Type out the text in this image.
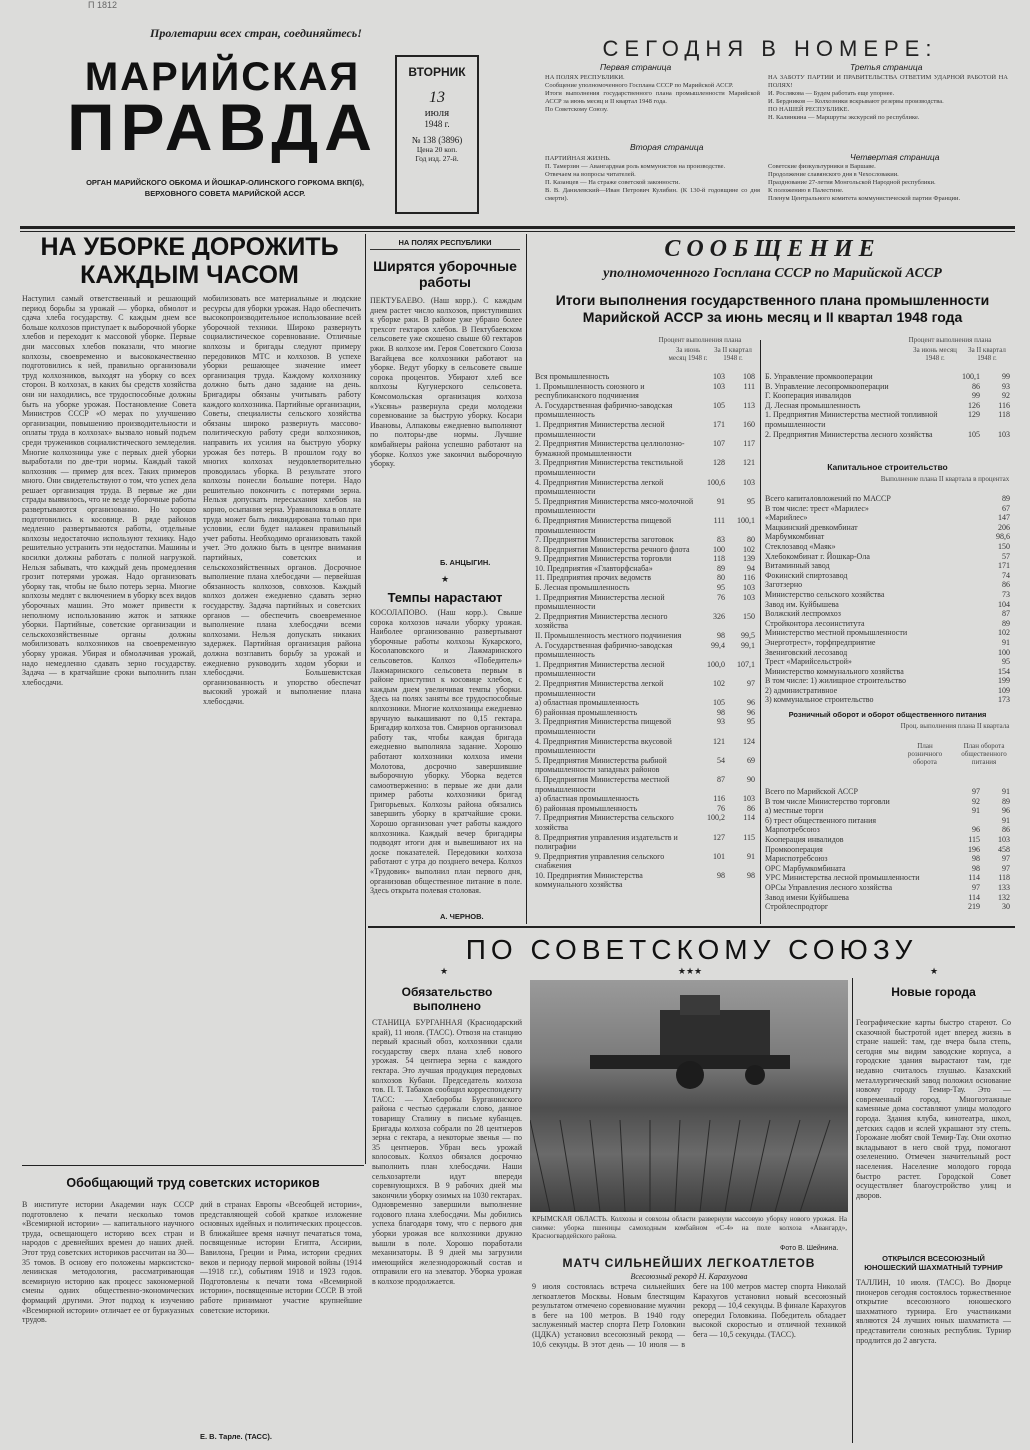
П 1812
Пролетарии всех стран, соединяйтесь!
МАРИЙСКАЯ
ПРАВДА
ОРГАН МАРИЙСКОГО ОБКОМА И ЙОШКАР-ОЛИНСКОГО ГОРКОМА ВКП(б), ВЕРХОВНОГО СОВЕТА МАРИЙСКОЙ АССР.
ВТОРНИК
13
июля
1948 г.
№ 138 (3896)
Цена 20 коп.
Год изд. 27-й.
СЕГОДНЯ В НОМЕРЕ:
Первая страница	Третья страница
НА ПОЛЯХ РЕСПУБЛИКИ.
Сообщение уполномоченного Госплана СССР по Марийской АССР.
Итоги выполнения государственного плана промышленности Марийской АССР за июнь месяц и II квартал 1948 года.
По Советскому Союзу.
Вторая страница
ПАРТИЙНАЯ ЖИЗНЬ.
П. Тамерзин — Авангардная роль коммунистов на производстве.
Отвечаем на вопросы читателей.
П. Казанцев — На страже советской законности.
В. В. Данилевский—Иван Петрович Кулибин. (К 130-й годовщине со дня смерти).
НА ЗАБОТУ ПАРТИИ И ПРАВИТЕЛЬСТВА ОТВЕТИМ УДАРНОЙ РАБОТОЙ НА ПОЛЯХ!
И. Рослякова — Будем работать еще упорнее.
И. Бердников — Колхозники вскрывают резервы производства.
ПО НАШЕЙ РЕСПУБЛИКЕ.
Н. Калинкина — Маршруты экскурсий по республике.
Четвертая страница
Советские физкультурники в Варшаве.
Продолжение славянского дня в Чехословакии.
Празднование 27-летия Монгольской Народной республики.
К положению в Палестине.
Пленум Центрального комитета коммунистической партии Франции.
НА УБОРКЕ ДОРОЖИТЬ КАЖДЫМ ЧАСОМ
Наступил самый ответственный и решающий период борьбы за урожай — уборка, обмолот и сдача хлеба государству. С каждым днем все больше колхозов приступает к выборочной уборке хлебов и переходит к массовой уборке. Первые дни массовых хлебов показали, что многие колхозы, своевременно и высококачественно подготовились к ней, правильно организовали труд колхозников, выходят на уборку со всех сторон. В колхозах, в каких бы средств хозяйства они ни находились, все трудоспособные должны быть на уборке урожая. Постановление Совета Министров СССР «О мерах по улучшению организации, повышению производительности и оплаты труда в колхозах» вызвало новый подъем среди тружеников социалистического земледелия. Многие колхозницы уже с первых дней уборки выработали по две-три нормы. Каждый такой колхозник — пример для всех. Таких примеров много. Они свидетельствуют о том, что успех дела решает организация труда. В первые же дни страды выявилось, что не везде уборочные работы развертываются организованно. Но хорошо подготовились к косовице. В ряде районов медленно развертываются работы, отдельные колхозы недостаточно используют технику. Надо решительно устранить эти недостатки. Машины и косилки должны работать с полной нагрузкой. Нельзя забывать, что каждый день промедления грозит потерями урожая. Надо организовать уборку так, чтобы не было потерь зерна. Многие колхозы медлят с включением в уборку всех видов уборочных машин. Это может привести к неполному использованию жаток и затяжке уборки. Партийные, советские организации и сельскохозяйственные органы должны мобилизовать колхозников на своевременную уборку урожая. Убирая и обмолачивая урожай, надо немедленно сдавать зерно государству. Задача — в кратчайшие сроки выполнить план хлебосдачи.
мобилизовать все материальные и людские ресурсы для уборки урожая. Надо обеспечить высокопроизводительное использование всей уборочной техники. Широко развернуть социалистическое соревнование. Отличные колхозы и бригады следуют примеру передовиков МТС и колхозов. В успехе уборки решающее значение имеет организация труда. Каждому колхознику должно быть дано задание на день. Бригадиры обязаны учитывать работу каждого колхозника. Партийные организации, Советы, специалисты сельского хозяйства обязаны широко развернуть массово-политическую работу среди колхозников, направить их усилия на быструю уборку урожая без потерь. В прошлом году во многих колхозах неудовлетворительно проводилась уборка. В результате этого колхозы понесли большие потери. Надо решительно покончить с потерями зерна. Нельзя допускать пересыхания хлебов на корню, осыпания зерна. Уравниловка в оплате труда может быть ликвидирована только при условии, если будет налажен правильный учет работы. Необходимо организовать такой учет. Это должно быть в центре внимания партийных, советских и сельскохозяйственных органов. Досрочное выполнение плана хлебосдачи — первейшая обязанность колхозов, совхозов. Каждый колхоз должен ежедневно сдавать зерно государству. Задача партийных и советских органов — обеспечить своевременное выполнение плана хлебосдачи всеми колхозами. Нельзя допускать никаких задержек. Партийная организация района должна возглавить борьбу за урожай и ежедневно руководить ходом уборки и хлебосдачи. Большевистская организованность и упорство обеспечат высокий урожай и выполнение плана хлебосдачи.
НА ПОЛЯХ РЕСПУБЛИКИ
Ширятся уборочные работы
ПЕКТУБАЕВО. (Наш корр.). С каждым днем растет число колхозов, приступивших к уборке ржи. В районе уже убрано более трехсот гектаров хлебов. В Пектубаевском сельсовете уже скошено свыше 60 гектаров ржи. В колхозе им. Героя Советского Союза Вагайцева все колхозники работают на уборке. Ведут уборку в сельсовете свыше сорока процентов. Убирают хлеб все колхозы Кугунерского сельсовета. Комсомольская организация колхоза «Уксянь» развернула среди молодежи соревнование за быструю уборку. Косари Ивановы, Алпаковы ежедневно выполняют по полторы-две нормы. Лучшие комбайнеры района успешно работают на уборке. Колхоз уже закончил выборочную уборку.
Б. АНЦЫГИН.
★
Темпы нарастают
КОСОЛАПОВО. (Наш корр.). Свыше сорока колхозов начали уборку урожая. Наиболее организованно развертывают уборочные работы колхозы Кукарского, Косолаповского и Лажмаринского сельсоветов. Колхоз «Победитель» Лажмаринского сельсовета первым в районе приступил к косовице хлебов, с каждым днем увеличивая темпы уборки. Здесь на полях заняты все трудоспособные колхозники. Многие колхозницы ежедневно вручную выкашивают по 0,15 гектара. Бригадир колхоза тов. Смирнов организовал работу так, чтобы каждая бригада ежедневно выполняла задание. Хорошо работают колхозники колхоза имени Молотова, досрочно завершившие выборочную уборку. Уборка ведется самоотверженно: в первые же дни дали пример работы колхозники бригад Григорьевых. Колхозы района обязались завершить уборку в кратчайшие сроки. Хорошо организован учет работы каждого колхозника. Каждый вечер бригадиры подводят итоги дня и вывешивают их на доске показателей. Передовики колхоза работают с утра до позднего вечера. Колхоз «Трудовик» выполнил план первого дня, организовав общественное питание в поле. Здесь открыта полевая столовая.
А. ЧЕРНОВ.
СООБЩЕНИЕ
уполномоченного Госплана СССР по Марийской АССР
Итоги выполнения государственного плана промышленности Марийской АССР за июнь месяц и II квартал 1948 года
Процент выполнения плана
За июнь месяц 1948 г.
За II квартал 1948 г.
Вся промышленность	103	108
1. Промышленность союзного и республиканского подчинения	103	111
А. Государственная фабрично-заводская промышленность	105	113
1. Предприятия Министерства лесной промышленности	171	160
2. Предприятия Министерства целлюлозно-бумажной промышленности	107	117
3. Предприятия Министерства текстильной промышленности	128	121
4. Предприятия Министерства легкой промышленности	100,6	103
5. Предприятия Министерства мясо-молочной промышленности	91	95
6. Предприятия Министерства пищевой промышленности	111	100,1
7. Предприятия Министерства заготовок	83	80
8. Предприятия Министерства речного флота	100	102
9. Предприятия Министерства торговли	118	139
10. Предприятия «Главторфснаба»	89	94
11. Предприятия прочих ведомств	80	116
Б. Лесная промышленность	95	103
1. Предприятия Министерства лесной промышленности	76	103
2. Предприятия Министерства лесного хозяйства	326	150
II. Промышленность местного подчинения	98	99,5
А. Государственная фабрично-заводская промышленность	99,4	99,1
1. Предприятия Министерства лесной промышленности	100,0	107,1
2. Предприятия Министерства легкой промышленности	102	97
а) областная промышленность	105	96
б) районная промышленность	98	96
3. Предприятия Министерства пищевой промышленности	93	95
4. Предприятия Министерства вкусовой промышленности	121	124
5. Предприятия Министерства рыбной промышленности западных районов	54	69
6. Предприятия Министерства местной промышленности	87	90
а) областная промышленность	116	103
б) районная промышленность	76	86
7. Предприятия Министерства сельского хозяйства	100,2	114
8. Предприятия управления издательств и полиграфии	127	115
9. Предприятия управления сельского снабжения	101	91
10. Предприятия Министерства коммунального хозяйства	98	98
Процент выполнения плана
За июнь месяц 1948 г.
За II квартал 1948 г.
Б. Управление промкооперации	100,1	99
В. Управление лесопромкооперации	86	93
Г. Кооперация инвалидов	99	92
Д. Лесная промышленность	126	116
1. Предприятия Министерства местной топливной промышленности	129	118
2. Предприятия Министерства лесного хозяйства	105	103
Капитальное строительство
Выполнение плана II квартала в процентах
Всего капиталовложений по МАССР	89
В том числе: трест «Марилес»	67
«Марийлес»	147
Мацкинский древкомбинат	206
Марбумкомбинат	98,6
Стеклозавод «Маяк»	150
Хлебокомбинат г. Йошкар-Ола	57
Витаминный завод	171
Фокинский спиртозавод	74
Заготзерно	86
Министерство сельского хозяйства	73
Завод им. Куйбышева	104
Волжский леспромхоз	87
Стройконтора лесоинститута	89
Министерство местной промышленности	102
Энерготрест», торфпредприятие	91
Звениговский лесозавод	100
Трест «Марийсельстрой»	95
Министерство коммунального хозяйства	154
В том числе: 1) жилищное строительство	199
2) административное	109
3) коммунальное строительство	173
Розничный оборот и оборот общественного питания
Проц. выполнения плана II квартала
План розничного оборота
План оборота общественного питания
Всего по Марийской АССР	97	91
В том числе Министерство торговли	92	89
а) местные торги	91	96
б) трест общественного питания		91
Марпотребсоюз	96	86
Кооперация инвалидов	115	103
Промкооперация	196	458
Мариспотребсоюз	98	97
ОРС Марбумкомбината	98	97
УРС Министерства лесной промышленности	114	118
ОРСы Управления лесного хозяйства	97	133
Завод имени Куйбышева	114	132
Стройлеспродторг	219	30
ПО СОВЕТСКОМУ СОЮЗУ
★★★
★	★
Обязательство выполнено
СТАНИЦА БУРГАННАЯ (Краснодарский край), 11 июля. (ТАСС). Отвозя на станцию первый красный обоз, колхозники сдали государству сверх плана хлеб нового урожая. 54 центнера зерна с каждого гектара. Это лучшая продукция передовых колхозов Кубани. Председатель колхоза тов. П. Т. Табаков сообщил корреспонденту ТАСС: — Хлеборобы Бурганинского района с честью сдержали слово, данное товарищу Сталину в письме кубанцев. Бригады колхоза собрали по 28 центнеров зерна с гектара, а некоторые звенья — по 35 центнеров. Убран весь урожай колосовых. Колхоз обязался досрочно выполнить план хлебосдачи. Наши сельхозартели идут впереди соревнующихся. В 9 рабочих дней мы закончили уборку озимых на 1030 гектарах. Одновременно завершили выполнение годового плана хлебосдачи. Мы добились успеха благодаря тому, что с первого дня уборки урожая все колхозники дружно вышли в поле. Хорошо поработали механизаторы. В 9 дней мы загрузили имеющийся железнодорожный состав и отправили его на элеватор. Уборка урожая в колхозе продолжается.
КРЫМСКАЯ ОБЛАСТЬ. Колхозы и совхозы области развернули массовую уборку нового урожая. На снимке: уборка пшеницы самоходным комбайном «С-4» на поле колхоза «Авангард», Красногвардейского района.
Фото В. Шейнина.
МАТЧ СИЛЬНЕЙШИХ ЛЕГКОАТЛЕТОВ
Всесоюзный рекорд Н. Карахугова
9 июля состоялась встреча сильнейших легкоатлетов Москвы. Новым блестящим результатом отмечено соревнование мужчин в беге на 100 метров. В 1940 году заслуженный мастер спорта Петр Головкин (ЦДКА) установил всесоюзный рекорд — 10,6 секунды. В этот день — 10 июля — в беге на 100 метров мастер спорта Николай Карахугов установил новый всесоюзный рекорд — 10,4 секунды. В финале Карахугов опередил Головкина. Победитель обладает высокой скоростью и отличной техникой бега — 10,5 секунды. (ТАСС).
Новые города
Географические карты быстро стареют. Со сказочной быстротой идет вперед жизнь в стране нашей: там, где вчера была степь, сегодня мы видим заводские корпуса, а городские здания вырастают там, где недавно считалось глушью. Казахский металлургический завод положил основание новому городу Темир-Тау. Это — современный город. Многоэтажные каменные дома составляют улицы молодого города. Здания клуба, кинотеатра, школ, детских садов и яслей украшают эту степь. Горожане любят свой Темир-Тау. Они охотно вкладывают в него свой труд, помогают озеленению. Отмечен значительный рост населения. Население молодого города быстро растет. Городской Совет осуществляет благоустройство улиц и дворов.
ОТКРЫЛСЯ ВСЕСОЮЗНЫЙ ЮНОШЕСКИЙ ШАХМАТНЫЙ ТУРНИР
ТАЛЛИН, 10 июля. (ТАСС). Во Дворце пионеров сегодня состоялось торжественное открытие всесоюзного юношеского шахматного турнира. Его участниками являются 24 лучших юных шахматиста — представители союзных республик. Турнир продлится до 2 августа.
Обобщающий труд советских историков
В институте истории Академии наук СССР подготовлено к печати несколько томов «Всемирной истории» — капитального научного труда, освещающего историю всех стран и народов с древнейших времен до наших дней. Этот труд советских историков рассчитан на 30—35 томов. В основу его положены марксистско-ленинская методология, рассматривающая всемирную историю как процесс закономерной смены одних общественно-экономических формаций другими. Этот подход к изучению «Всемирной истории» отличает ее от буржуазных трудов.
дий в странах Европы «Всеобщей истории», представляющей собой краткое изложение основных идейных и политических процессов. В ближайшее время начнут печататься тома, посвященные истории Египта, Ассирии, Вавилона, Греции и Рима, истории средних веков и периоду первой мировой войны (1914—1918 г.г.), событиям 1918 и 1923 годов. Подготовлены к печати тома «Всемирной истории», посвященные истории СССР. В этой работе принимают участие крупнейшие советские историки.
Е. В. Тарле. (ТАСС).
